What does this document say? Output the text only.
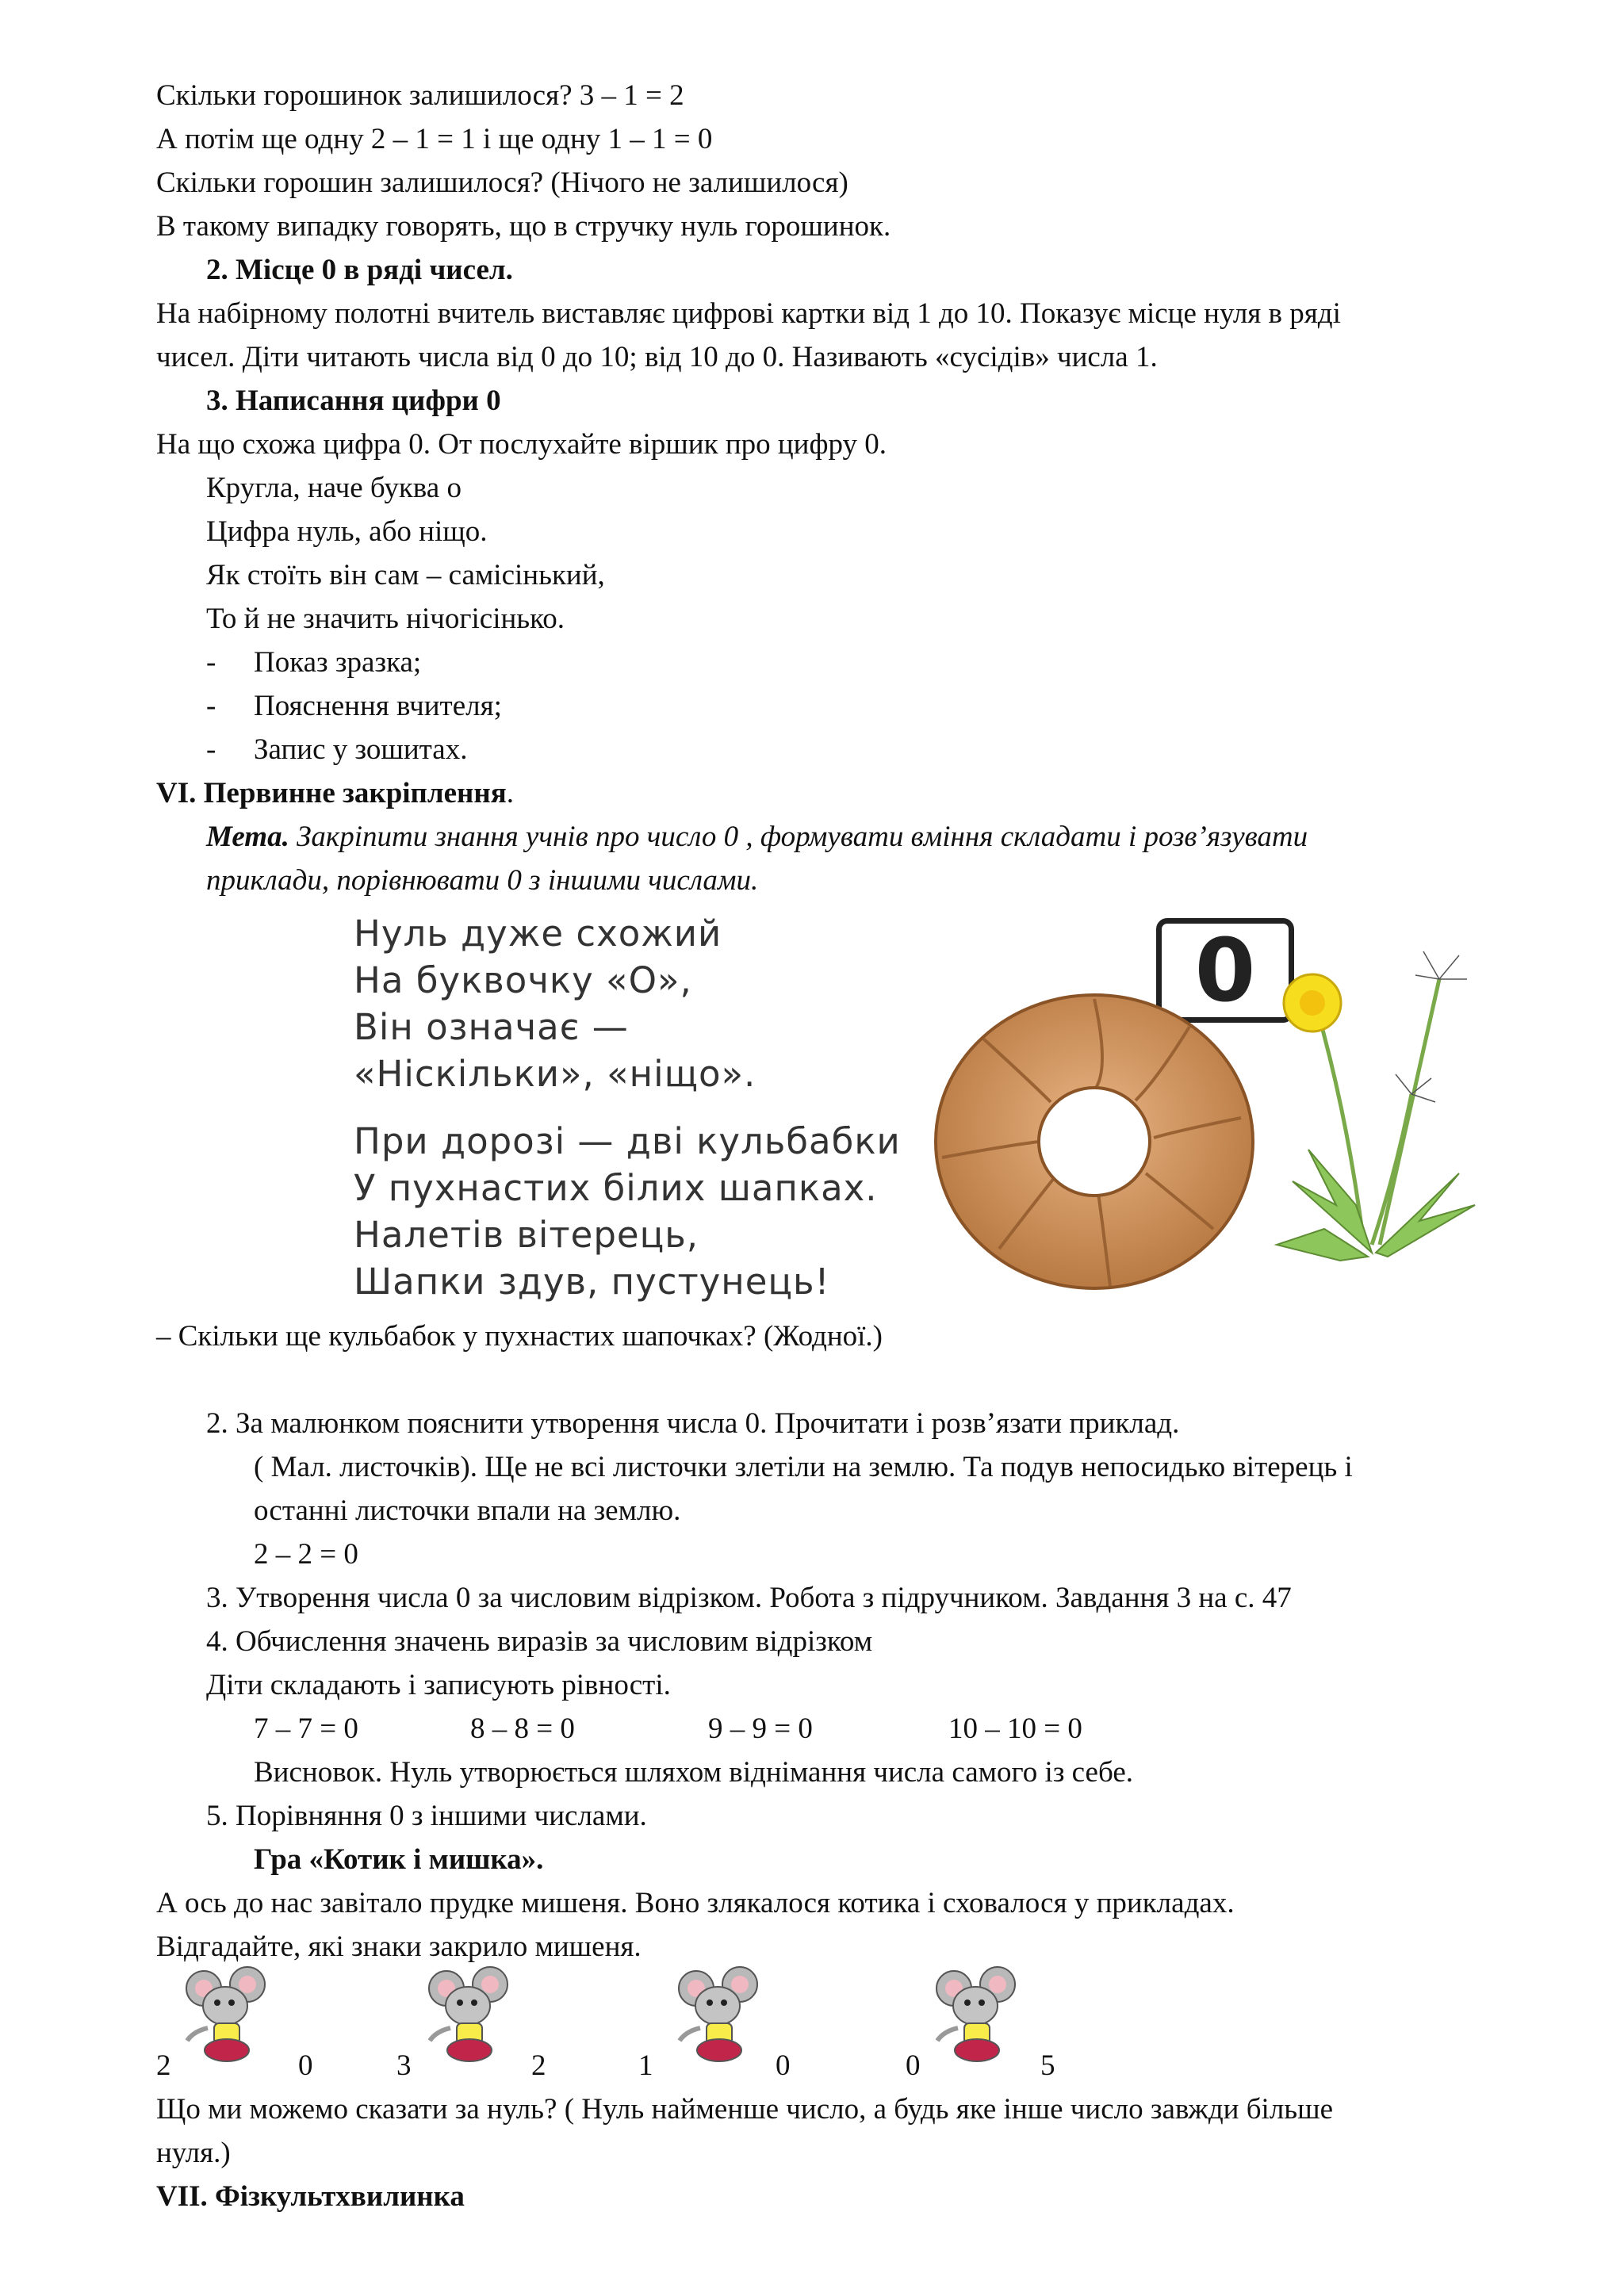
Скільки горошинок залишилося? 3 – 1 = 2
А потім ще одну 2 – 1 = 1 і ще одну 1 – 1 = 0
Скільки горошин залишилося? (Нічого не залишилося)
В такому випадку говорять, що в стручку нуль горошинок.
2. Місце 0 в ряді чисел.
На набірному полотні вчитель виставляє цифрові картки від 1 до 10. Показує місце нуля в ряді
чисел. Діти читають числа від 0 до 10; від 10 до 0. Називають «сусідів» числа 1.
3. Написання цифри 0
На що схожа цифра 0. От послухайте віршик про цифру 0.
Кругла, наче буква о
Цифра нуль, або ніщо.
Як стоїть він сам – самісінький,
То й не значить нічогісінько.
- Показ зразка;
- Пояснення вчителя;
- Запис у зошитах.
VI. Первинне закріплення.
Мета. Закріпити знання учнів про число 0 , формувати вміння складати і розв’язувати
приклади, порівнювати 0 з іншими числами.
Нуль дуже схожий
На буквочку «О»,
Він означає —
«Нiскiльки», «нiщо».
При дорозі — дві кульбабки
У пухнастих білих шапках.
Налетів вітерець,
Шапки здув, пустунець!
0
– Скільки ще кульбабок у пухнастих шапочках? (Жодної.)
2. За малюнком пояснити утворення числа 0. Прочитати і розв’язати приклад.
( Мал. листочків). Ще не всі листочки злетіли на землю. Та подув непосидько вітерець і
останні листочки впали на землю.
2 – 2 = 0
3. Утворення числа 0 за числовим відрізком. Робота з підручником. Завдання 3 на с. 47
4. Обчислення значень виразів за числовим відрізком
Діти складають і записують рівності.
7 – 7 = 0	8 – 8 = 0	9 – 9 = 0	10 – 10 = 0
Висновок. Нуль утворюється шляхом віднімання числа самого із себе.
5. Порівняння 0 з іншими числами.
Гра «Котик і мишка».
А ось до нас завітало прудке мишеня. Воно злякалося котика і сховалося у прикладах.
Відгадайте, які знаки закрило мишеня.
2	0	3	2	1	0	0	5
Що ми можемо сказати за нуль? ( Нуль найменше число, а будь яке інше число завжди більше
нуля.)
VII. Фізкультхвилинка
